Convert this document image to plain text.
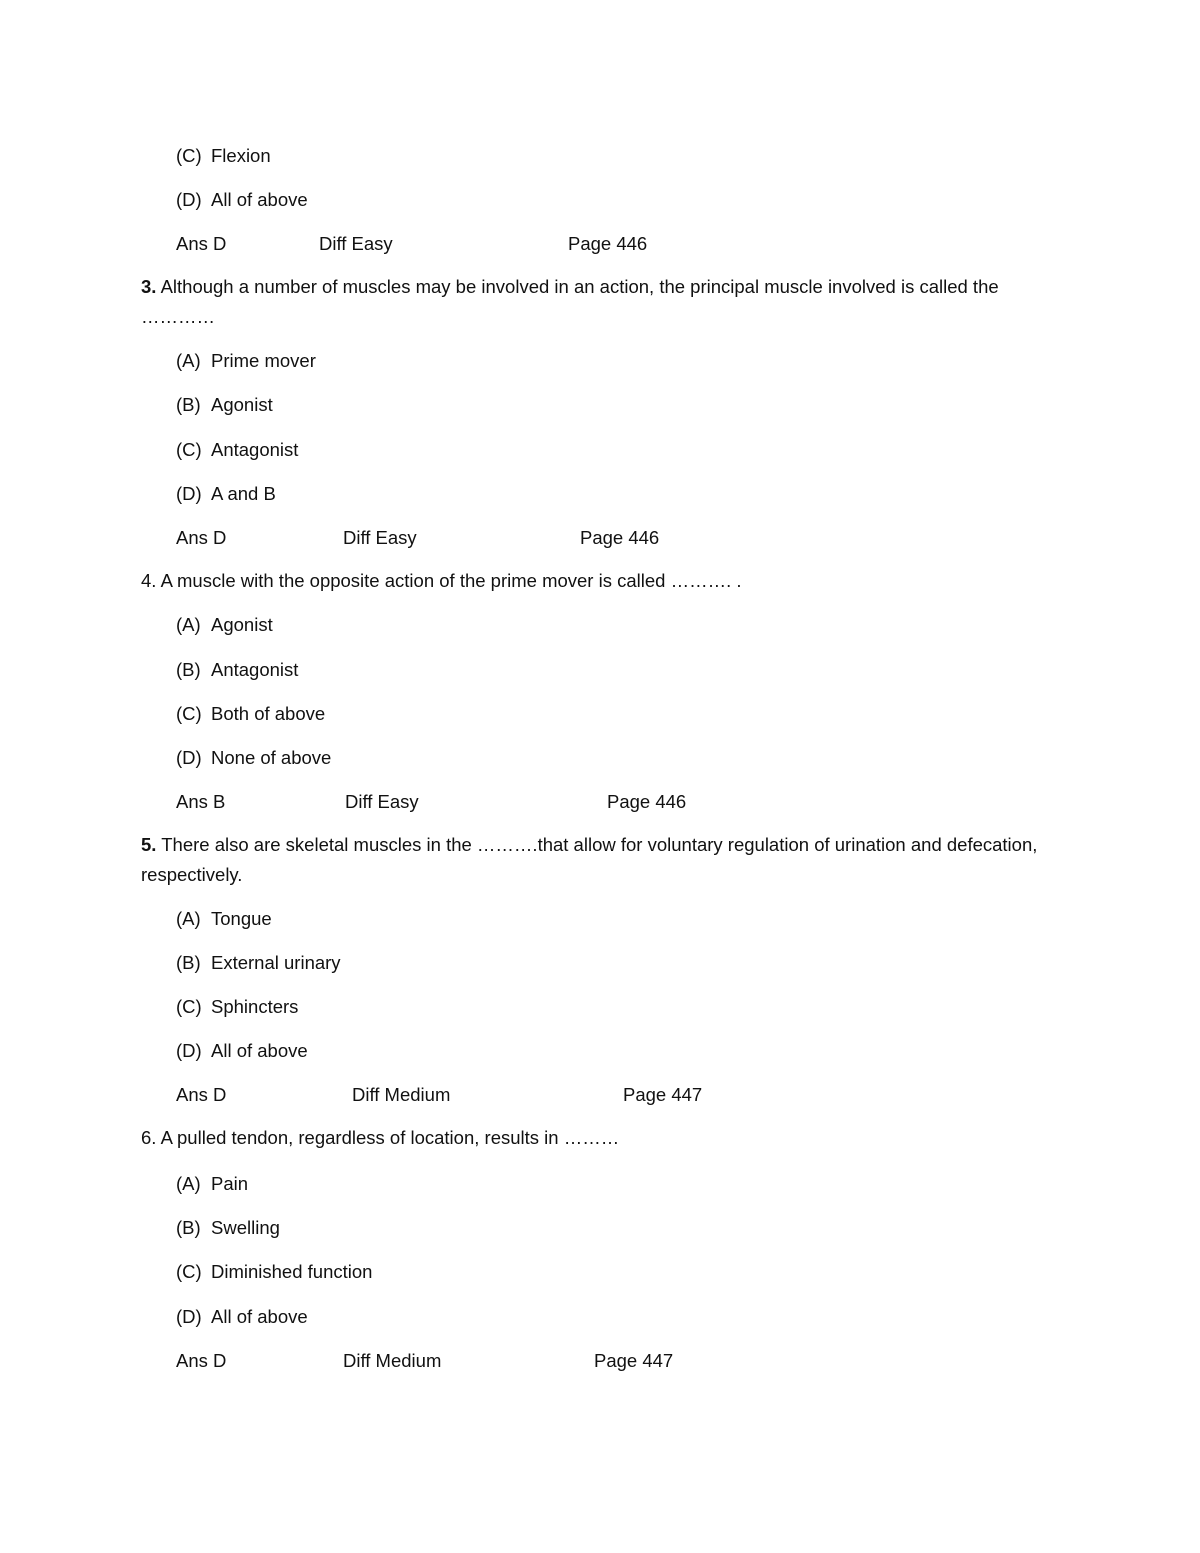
(C) Flexion
(D) All of above
Ans D	Diff Easy	Page 446
3. Although a number of muscles may be involved in an action, the principal muscle involved is called the …………
(A) Prime mover
(B) Agonist
(C) Antagonist
(D) A and B
Ans D	Diff Easy	Page 446
4. A muscle with the opposite action of the prime mover is called ………. .
(A) Agonist
(B) Antagonist
(C) Both of above
(D) None of above
Ans B	Diff Easy	Page 446
5. There also are skeletal muscles in the ……….that allow for voluntary regulation of urination and defecation, respectively.
(A) Tongue
(B) External urinary
(C) Sphincters
(D) All of above
Ans D	Diff Medium	Page 447
6. A pulled tendon, regardless of location, results in ………
(A) Pain
(B) Swelling
(C) Diminished function
(D) All of above
Ans D	Diff Medium	Page 447
